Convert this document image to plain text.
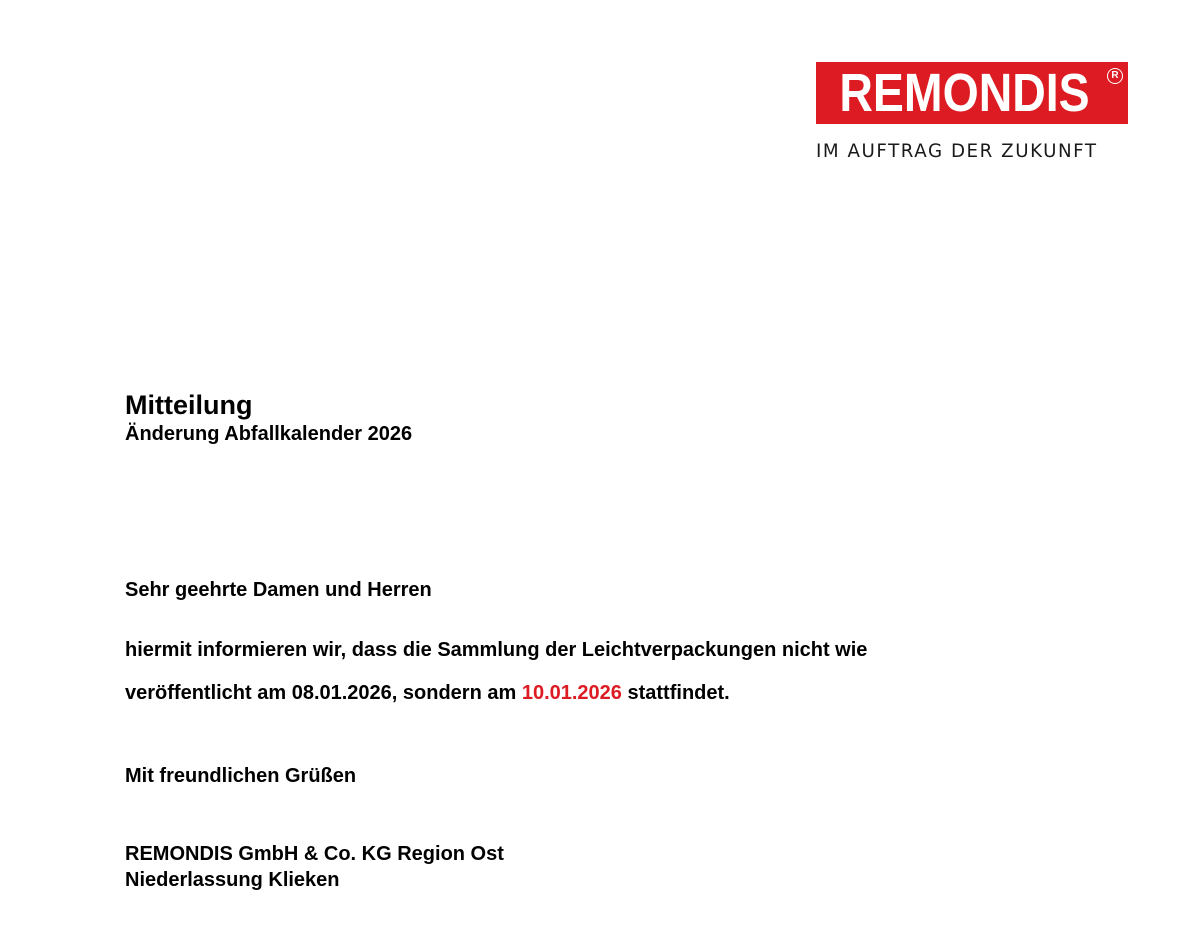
REMONDIS	R
IM AUFTRAG DER ZUKUNFT
Mitteilung
Änderung Abfallkalender 2026
Sehr geehrte Damen und Herren
hiermit informieren wir, dass die Sammlung der Leichtverpackungen nicht wie
veröffentlicht am 08.01.2026, sondern am 10.01.2026 stattfindet.
Mit freundlichen Grüßen
REMONDIS GmbH & Co. KG Region Ost
Niederlassung Klieken
